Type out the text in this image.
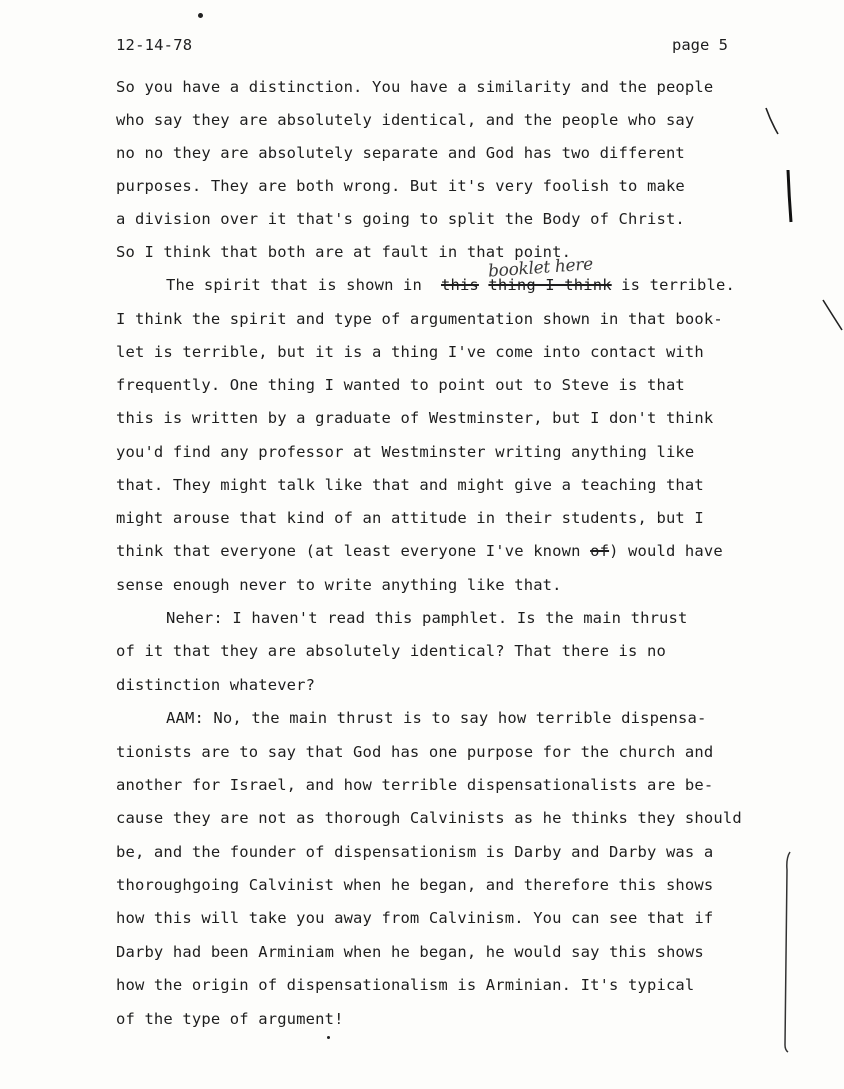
12-14-78	page 5
So you have a distinction. You have a similarity and the people
who say they are absolutely identical, and the people who say
no no they are absolutely separate and God has two different
purposes. They are both wrong. But it's very foolish to make
a division over it that's going to split the Body of Christ.
So I think that both are at fault in that point.
booklet here
The spirit that is shown in  this thing I think is terrible.
I think the spirit and type of argumentation shown in that book-
let is terrible, but it is a thing I've come into contact with
frequently. One thing I wanted to point out to Steve is that
this is written by a graduate of Westminster, but I don't think
you'd find any professor at Westminster writing anything like
that. They might talk like that and might give a teaching that
might arouse that kind of an attitude in their students, but I
think that everyone (at least everyone I've known of) would have
sense enough never to write anything like that.
Neher: I haven't read this pamphlet. Is the main thrust
of it that they are absolutely identical? That there is no
distinction whatever?
AAM: No, the main thrust is to say how terrible dispensa-
tionists are to say that God has one purpose for the church and
another for Israel, and how terrible dispensationalists are be-
cause they are not as thorough Calvinists as he thinks they should
be, and the founder of dispensationism is Darby and Darby was a
thoroughgoing Calvinist when he began, and therefore this shows
how this will take you away from Calvinism. You can see that if
Darby had been Arminiam when he began, he would say this shows
how the origin of dispensationalism is Arminian. It's typical
of the type of argument!
